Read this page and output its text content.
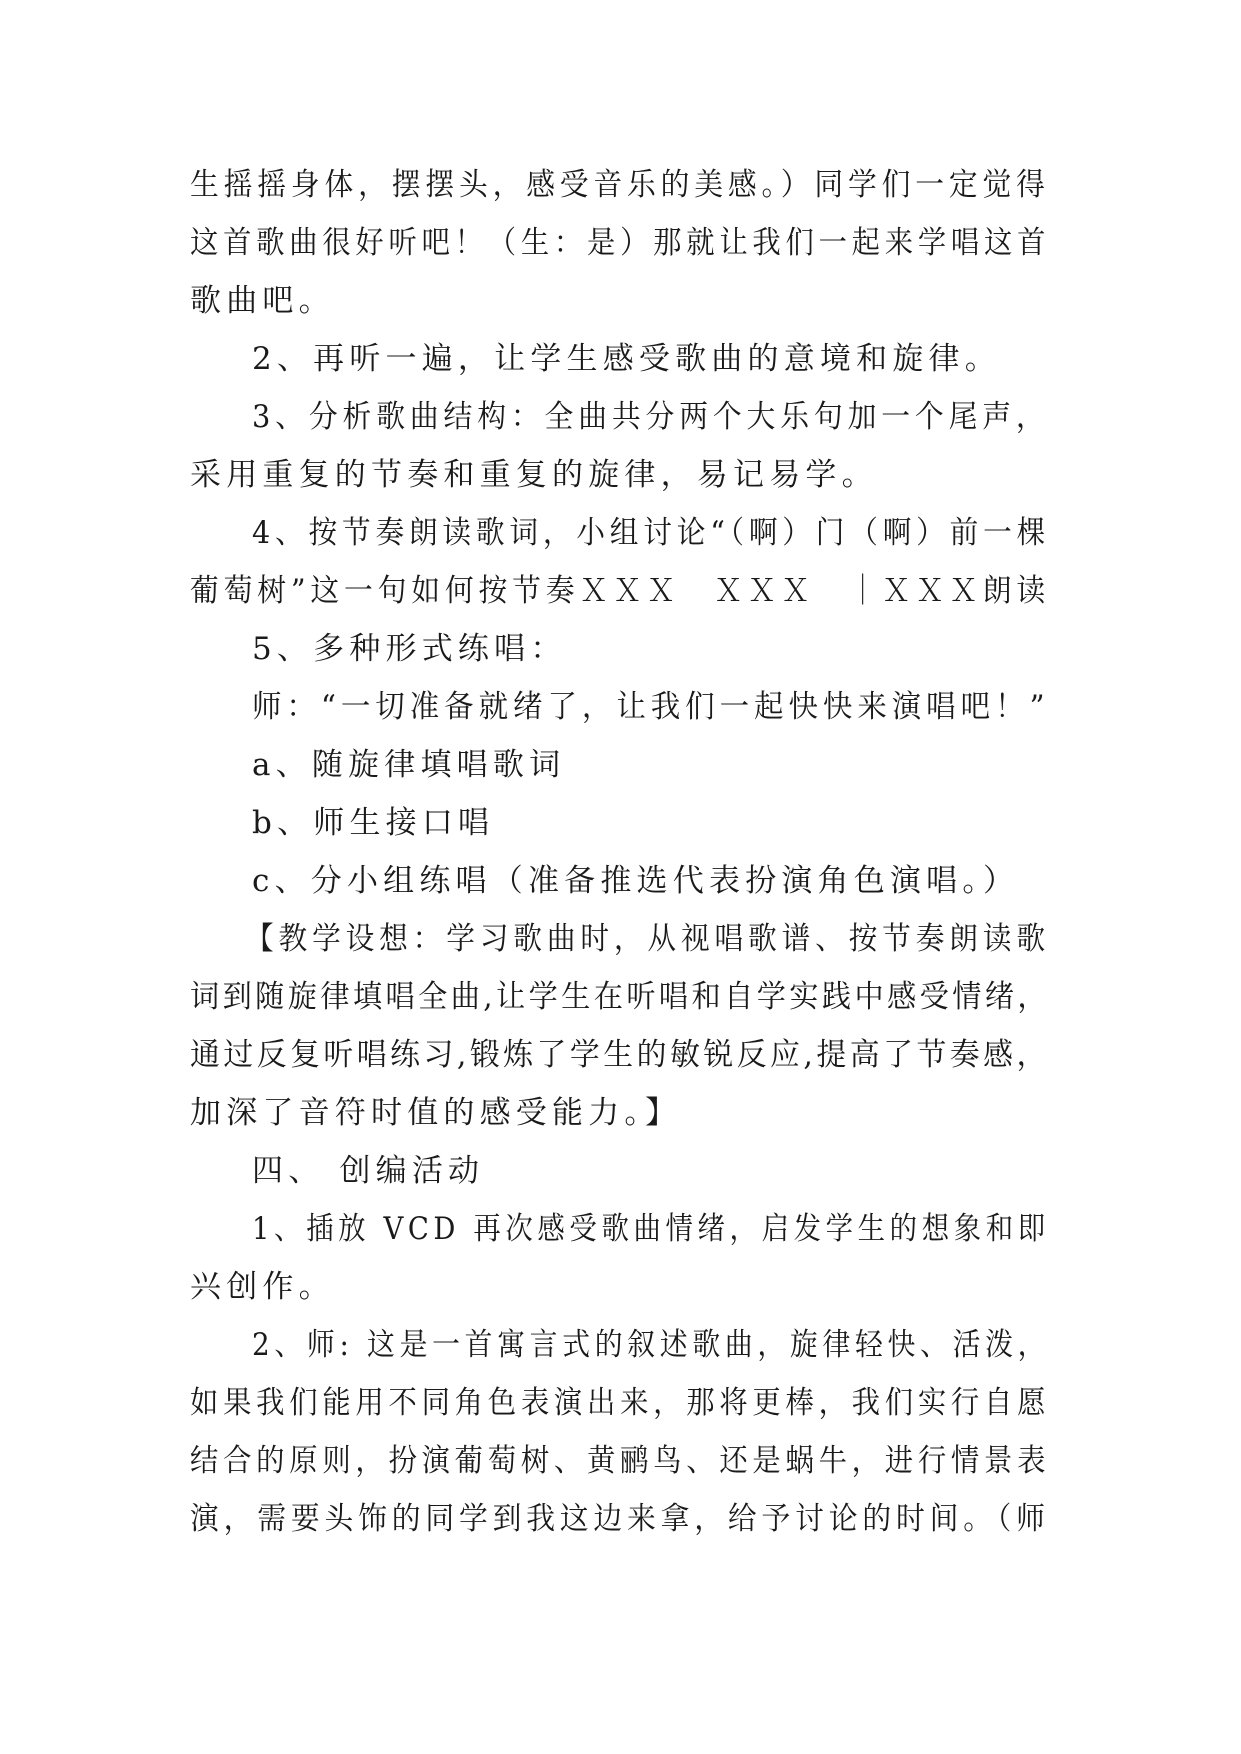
生摇摇身体，摆摆头，感受音乐的美感。）同学们一定觉得
这首歌曲很好听吧！（生：是）那就让我们一起来学唱这首
歌曲吧。
2、再听一遍，让学生感受歌曲的意境和旋律。
3、分析歌曲结构：全曲共分两个大乐句加一个尾声，
采用重复的节奏和重复的旋律，易记易学。
4、按节奏朗读歌词，小组讨论“（啊）门（啊）前一棵
葡萄树”这一句如何按节奏ＸＸＸ　ＸＸＸ　｜ＸＸＸ朗读
5、多种形式练唱：
师：“一切准备就绪了，让我们一起快快来演唱吧！”
a、随旋律填唱歌词
b、师生接口唱
c、分小组练唱（准备推选代表扮演角色演唱。）
【教学设想：学习歌曲时，从视唱歌谱、按节奏朗读歌
词到随旋律填唱全曲,让学生在听唱和自学实践中感受情绪，
通过反复听唱练习,锻炼了学生的敏锐反应,提高了节奏感，
加深了音符时值的感受能力。】
四、 创编活动
1、插放 VCD 再次感受歌曲情绪，启发学生的想象和即
兴创作。
2、师: 这是一首寓言式的叙述歌曲，旋律轻快、活泼，
如果我们能用不同角色表演出来，那将更棒，我们实行自愿
结合的原则，扮演葡萄树、黄鹂鸟、还是蜗牛，进行情景表
演，需要头饰的同学到我这边来拿，给予讨论的时间。（师
